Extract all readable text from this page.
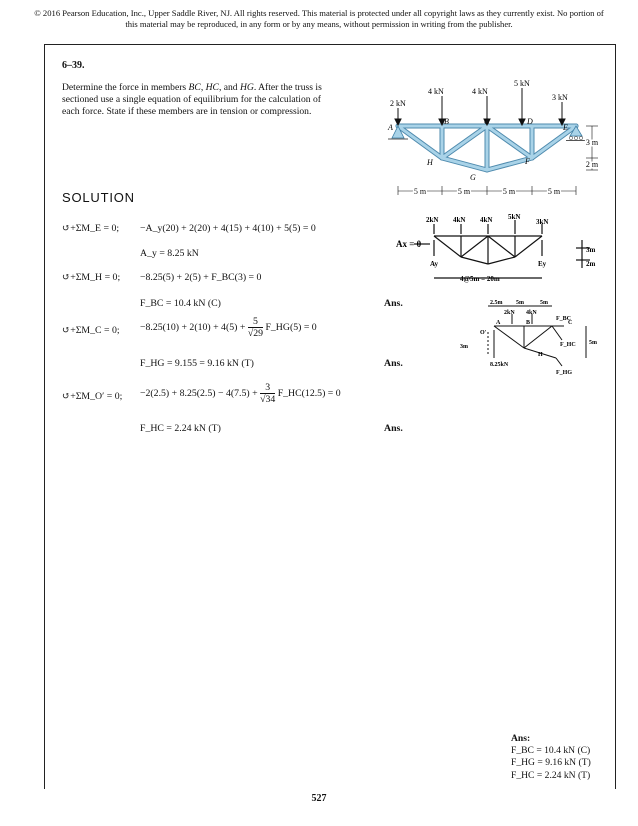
© 2016 Pearson Education, Inc., Upper Saddle River, NJ. All rights reserved. This material is protected under all copyright laws as they currently exist. No portion of this material may be reproduced, in any form or by any means, without permission in writing from the publisher.
6–39.
Determine the force in members BC, HC, and HG. After the truss is sectioned use a single equation of equilibrium for the calculation of each force. State if these members are in tension or compression.
2 kN
4 kN	4 kN
5 kN
3 kN
A
B	C	D
E
H
G
F
5 m	5 m	5 m	5 m
3 m
2 m
SOLUTION
↺+ΣM_E = 0; −A_y(20) + 2(20) + 4(15) + 4(10) + 5(5) = 0
A_y = 8.25 kN
↺+ΣM_H = 0; −8.25(5) + 2(5) + F_BC(3) = 0
F_BC = 10.4 kN (C)	Ans.
↺+ΣM_C = 0; $-8.25(10) + 2(10) + 4(5) + \frac{5}{√29}$ F_HG(5) = 0
F_HG = 9.155 = 9.16 kN (T)	Ans.
↺+ΣM_O′ = 0; $-2(2.5) + 8.25(2.5) - 4(7.5) + \frac{3}{√34}$ F_HC(12.5) = 0
F_HC = 2.24 kN (T)	Ans.
2kN 4kN 4kN 5kN
3kN
Ax = 0
Ay	Ey
4@5m = 20m
3m
2m
2.5m 5m	5m
2kN 4kN
O′
A	B	C
H
F_BC
F_HC
F_HG
3m
5m
8.25kN
Ans:
F_BC = 10.4 kN (C)
F_HG = 9.16 kN (T)
F_HC = 2.24 kN (T)
527
